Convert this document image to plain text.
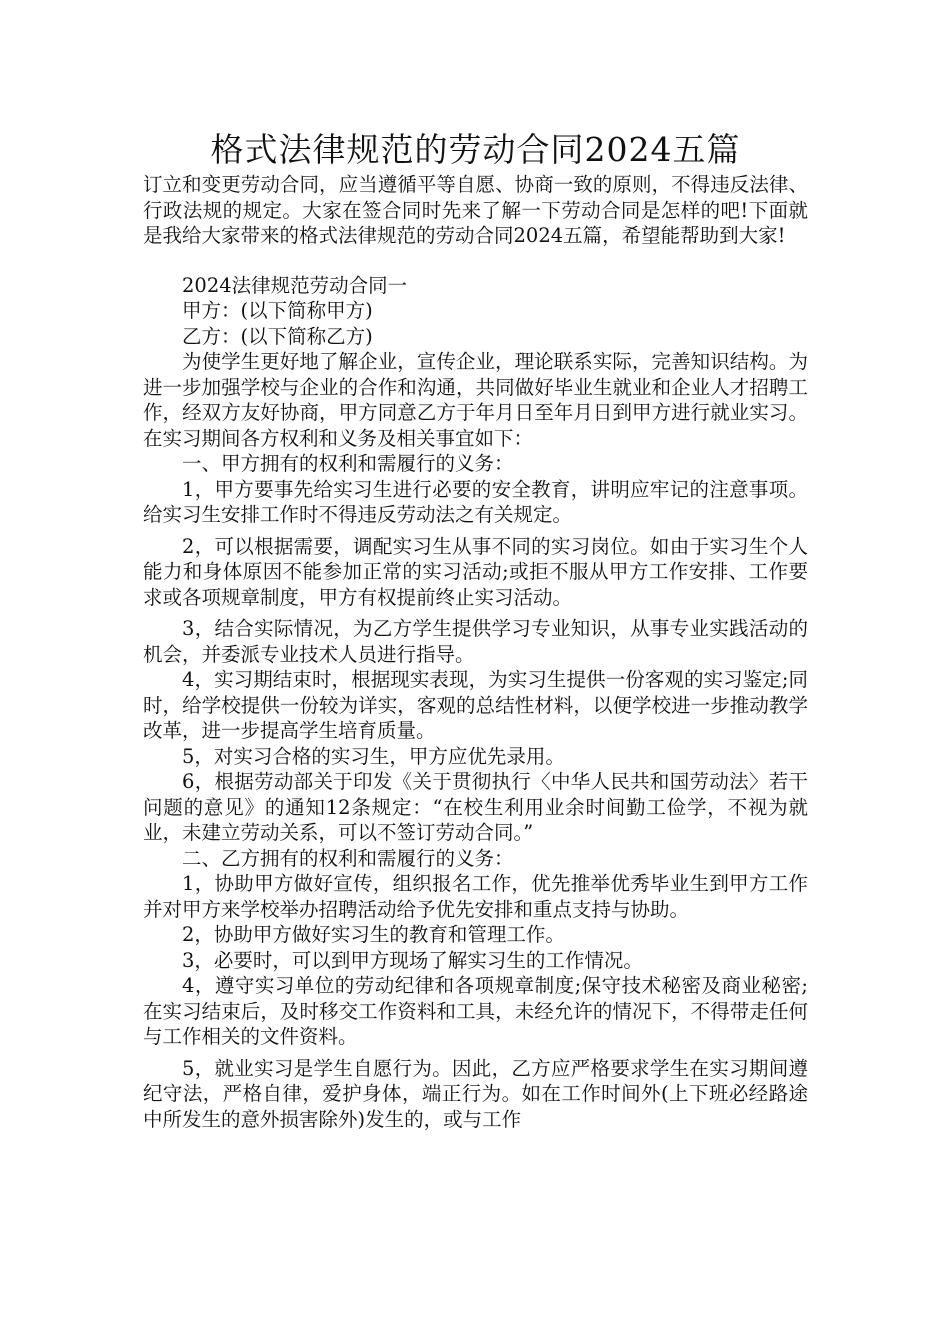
格式法律规范的劳动合同2024五篇

订立和变更劳动合同，应当遵循平等自愿、协商一致的原则，不得违反法律、行政法规的规定。大家在签合同时先来了解一下劳动合同是怎样的吧!下面就是我给大家带来的格式法律规范的劳动合同2024五篇，希望能帮助到大家!

2024法律规范劳动合同一

甲方：(以下简称甲方)

乙方：(以下简称乙方)

为使学生更好地了解企业，宣传企业，理论联系实际，完善知识结构。为进一步加强学校与企业的合作和沟通，共同做好毕业生就业和企业人才招聘工作，经双方友好协商，甲方同意乙方于年月日至年月日到甲方进行就业实习。在实习期间各方权利和义务及相关事宜如下：

一、甲方拥有的权利和需履行的义务：

1，甲方要事先给实习生进行必要的安全教育，讲明应牢记的注意事项。给实习生安排工作时不得违反劳动法之有关规定。

2，可以根据需要，调配实习生从事不同的实习岗位。如由于实习生个人能力和身体原因不能参加正常的实习活动;或拒不服从甲方工作安排、工作要求或各项规章制度，甲方有权提前终止实习活动。

3，结合实际情况，为乙方学生提供学习专业知识，从事专业实践活动的机会，并委派专业技术人员进行指导。

4，实习期结束时，根据现实表现，为实习生提供一份客观的实习鉴定;同时，给学校提供一份较为详实，客观的总结性材料，以便学校进一步推动教学改革，进一步提高学生培育质量。

5，对实习合格的实习生，甲方应优先录用。

6，根据劳动部关于印发《关于贯彻执行〈中华人民共和国劳动法〉若干问题的意见》的通知12条规定：“在校生利用业余时间勤工俭学，不视为就业，未建立劳动关系，可以不签订劳动合同。”

二、乙方拥有的权利和需履行的义务：

1，协助甲方做好宣传，组织报名工作，优先推举优秀毕业生到甲方工作并对甲方来学校举办招聘活动给予优先安排和重点支持与协助。

2，协助甲方做好实习生的教育和管理工作。

3，必要时，可以到甲方现场了解实习生的工作情况。

4，遵守实习单位的劳动纪律和各项规章制度;保守技术秘密及商业秘密;在实习结束后，及时移交工作资料和工具，未经允许的情况下，不得带走任何与工作相关的文件资料。

5，就业实习是学生自愿行为。因此，乙方应严格要求学生在实习期间遵纪守法，严格自律，爱护身体，端正行为。如在工作时间外(上下班必经路途中所发生的意外损害除外)发生的，或与工作
